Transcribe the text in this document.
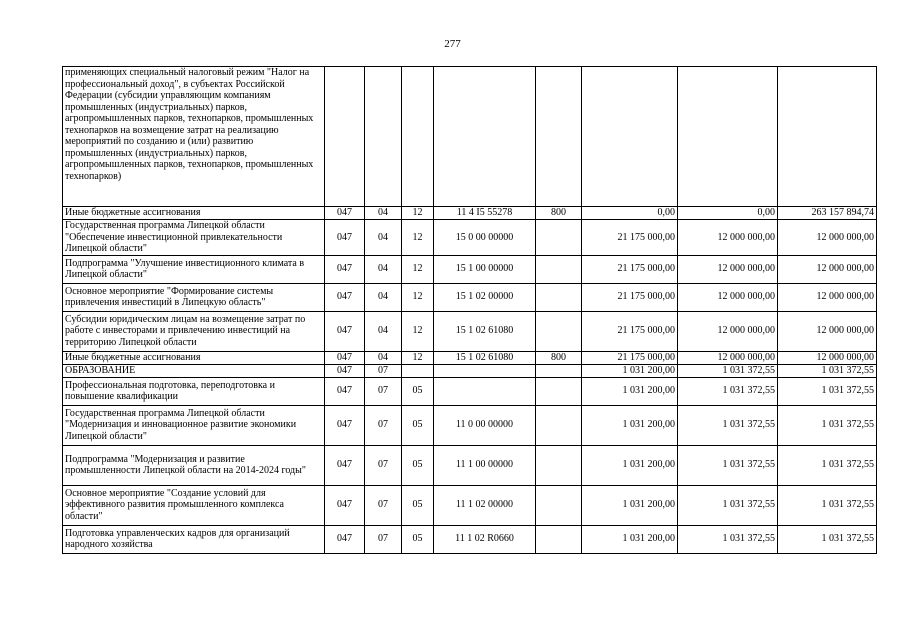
277
применяющих специальный налоговый режим "Налог на профессиональный доход", в субъектах Российской Федерации (субсидии управляющим компаниям промышленных (индустриальных) парков, агропромышленных парков, технопарков, промышленных технопарков на возмещение затрат на реализацию мероприятий по созданию и (или) развитию промышленных (индустриальных) парков, агропромышленных парков, технопарков, промышленных технопарков)								
Иные бюджетные ассигнования	047	04	12	11 4 I5 55278	800	0,00	0,00	263 157 894,74
Государственная программа Липецкой области "Обеспечение инвестиционной привлекательности Липецкой области"	047	04	12	15 0 00 00000		21 175 000,00	12 000 000,00	12 000 000,00
Подпрограмма "Улучшение инвестиционного климата в Липецкой области"	047	04	12	15 1 00 00000		21 175 000,00	12 000 000,00	12 000 000,00
Основное мероприятие "Формирование системы привлечения инвестиций в Липецкую область"	047	04	12	15 1 02 00000		21 175 000,00	12 000 000,00	12 000 000,00
Субсидии юридическим лицам на возмещение затрат по работе с инвесторами и привлечению инвестиций на территорию Липецкой области	047	04	12	15 1 02 61080		21 175 000,00	12 000 000,00	12 000 000,00
Иные бюджетные ассигнования	047	04	12	15 1 02 61080	800	21 175 000,00	12 000 000,00	12 000 000,00
ОБРАЗОВАНИЕ	047	07				1 031 200,00	1 031 372,55	1 031 372,55
Профессиональная подготовка, переподготовка и повышение квалификации	047	07	05			1 031 200,00	1 031 372,55	1 031 372,55
Государственная программа Липецкой области "Модернизация и инновационное развитие экономики Липецкой области"	047	07	05	11 0 00 00000		1 031 200,00	1 031 372,55	1 031 372,55
Подпрограмма "Модернизация и развитие промышленности Липецкой области на 2014-2024 годы"	047	07	05	11 1 00 00000		1 031 200,00	1 031 372,55	1 031 372,55
Основное мероприятие "Создание условий для эффективного развития промышленного комплекса области"	047	07	05	11 1 02 00000		1 031 200,00	1 031 372,55	1 031 372,55
Подготовка управленческих кадров для организаций народного хозяйства	047	07	05	11 1 02 R0660		1 031 200,00	1 031 372,55	1 031 372,55
